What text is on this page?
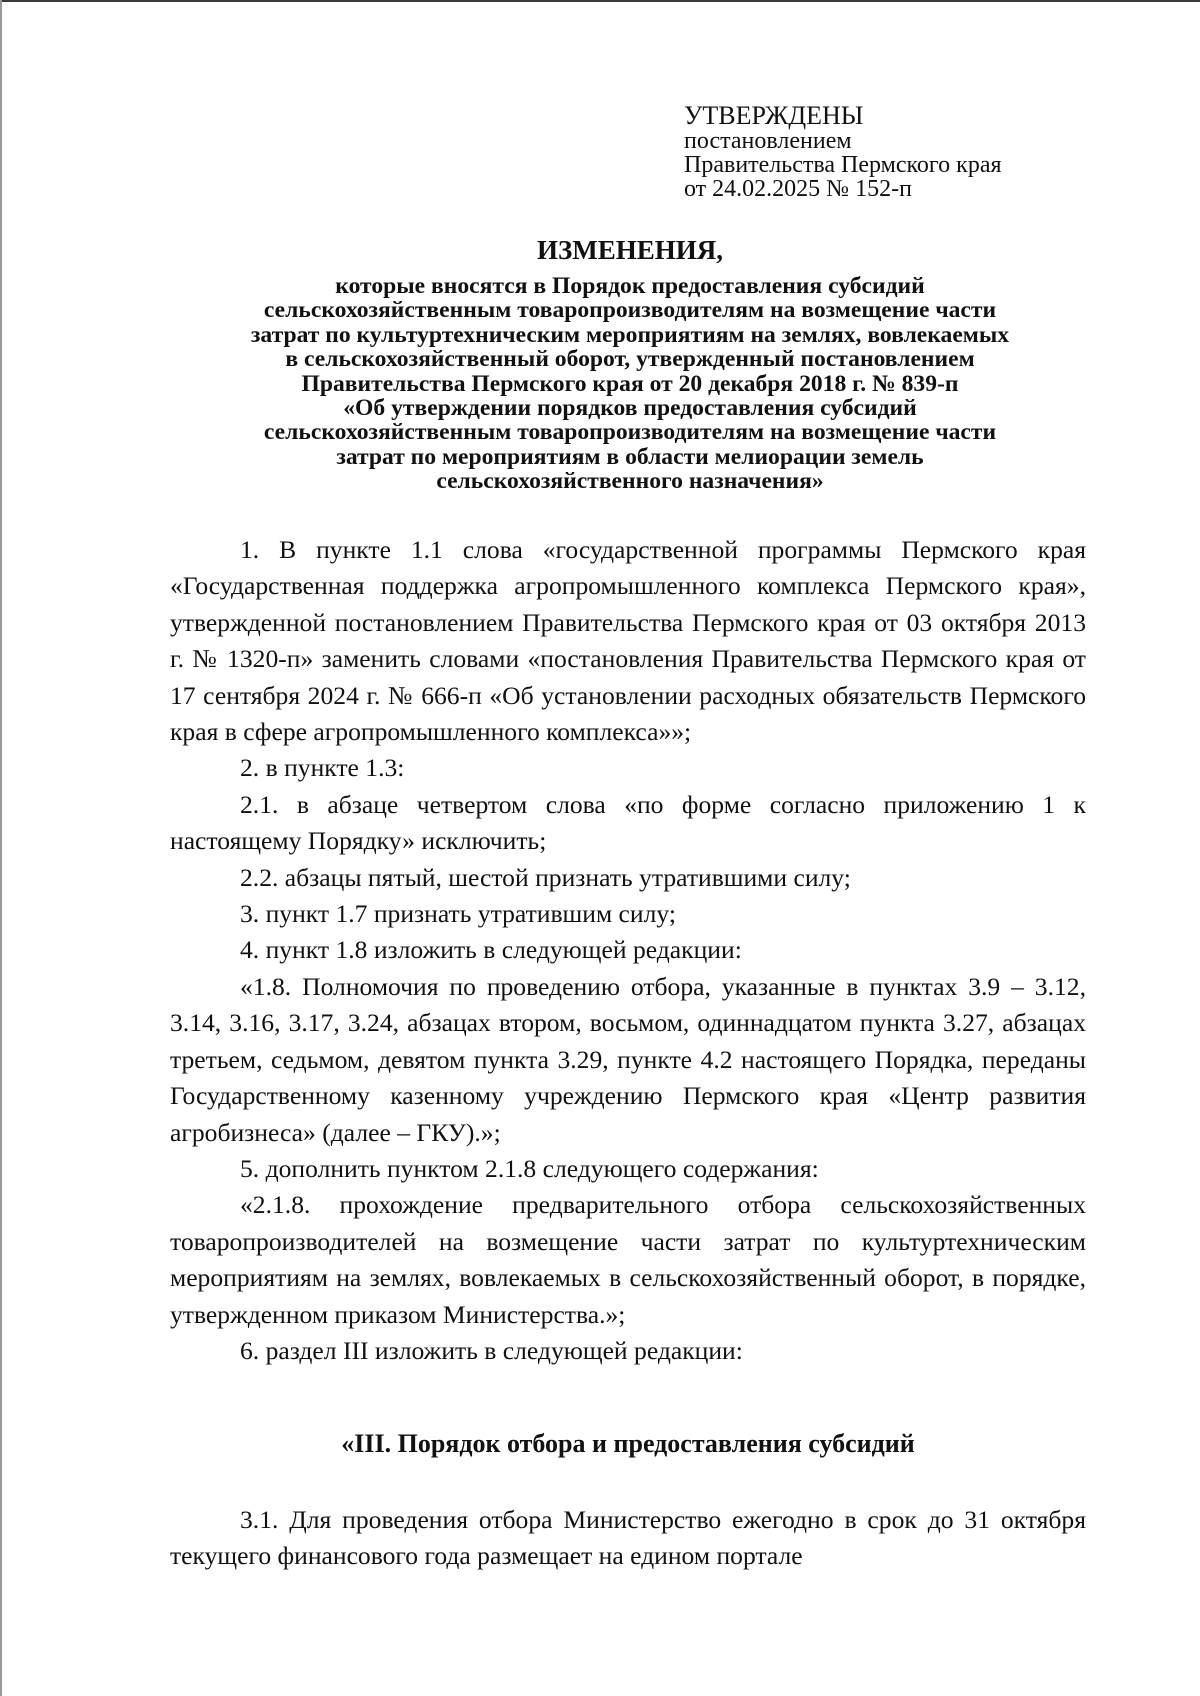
УТВЕРЖДЕНЫ
постановлением
Правительства Пермского края
от 24.02.2025 № 152-п
ИЗМЕНЕНИЯ,
которые вносятся в Порядок предоставления субсидий
сельскохозяйственным товаропроизводителям на возмещение части
затрат по культуртехническим мероприятиям на землях, вовлекаемых
в сельскохозяйственный оборот, утвержденный постановлением
Правительства Пермского края от 20 декабря 2018 г. № 839-п
«Об утверждении порядков предоставления субсидий
сельскохозяйственным товаропроизводителям на возмещение части
затрат по мероприятиям в области мелиорации земель
сельскохозяйственного назначения»

1. В пункте 1.1 слова «государственной программы Пермского края «Государственная поддержка агропромышленного комплекса Пермского края», утвержденной постановлением Правительства Пермского края от 03 октября 2013 г. № 1320-п» заменить словами «постановления Правительства Пермского края от 17 сентября 2024 г. № 666-п «Об установлении расходных обязательств Пермского края в сфере агропромышленного комплекса»»;

2. в пункте 1.3:

2.1. в абзаце четвертом слова «по форме согласно приложению 1 к настоящему Порядку» исключить;

2.2. абзацы пятый, шестой признать утратившими силу;

3. пункт 1.7 признать утратившим силу;

4. пункт 1.8 изложить в следующей редакции:

«1.8. Полномочия по проведению отбора, указанные в пунктах 3.9 – 3.12, 3.14, 3.16, 3.17, 3.24, абзацах втором, восьмом, одиннадцатом пункта 3.27, абзацах третьем, седьмом, девятом пункта 3.29, пункте 4.2 настоящего Порядка, переданы Государственному казенному учреждению Пермского края «Центр развития агробизнеса» (далее – ГКУ).»;

5. дополнить пунктом 2.1.8 следующего содержания:

«2.1.8. прохождение предварительного отбора сельскохозяйственных товаропроизводителей на возмещение части затрат по культуртехническим мероприятиям на землях, вовлекаемых в сельскохозяйственный оборот, в порядке, утвержденном приказом Министерства.»;

6. раздел III изложить в следующей редакции:

«III. Порядок отбора и предоставления субсидий

3.1. Для проведения отбора Министерство ежегодно в срок до 31 октября текущего финансового года размещает на едином портале
